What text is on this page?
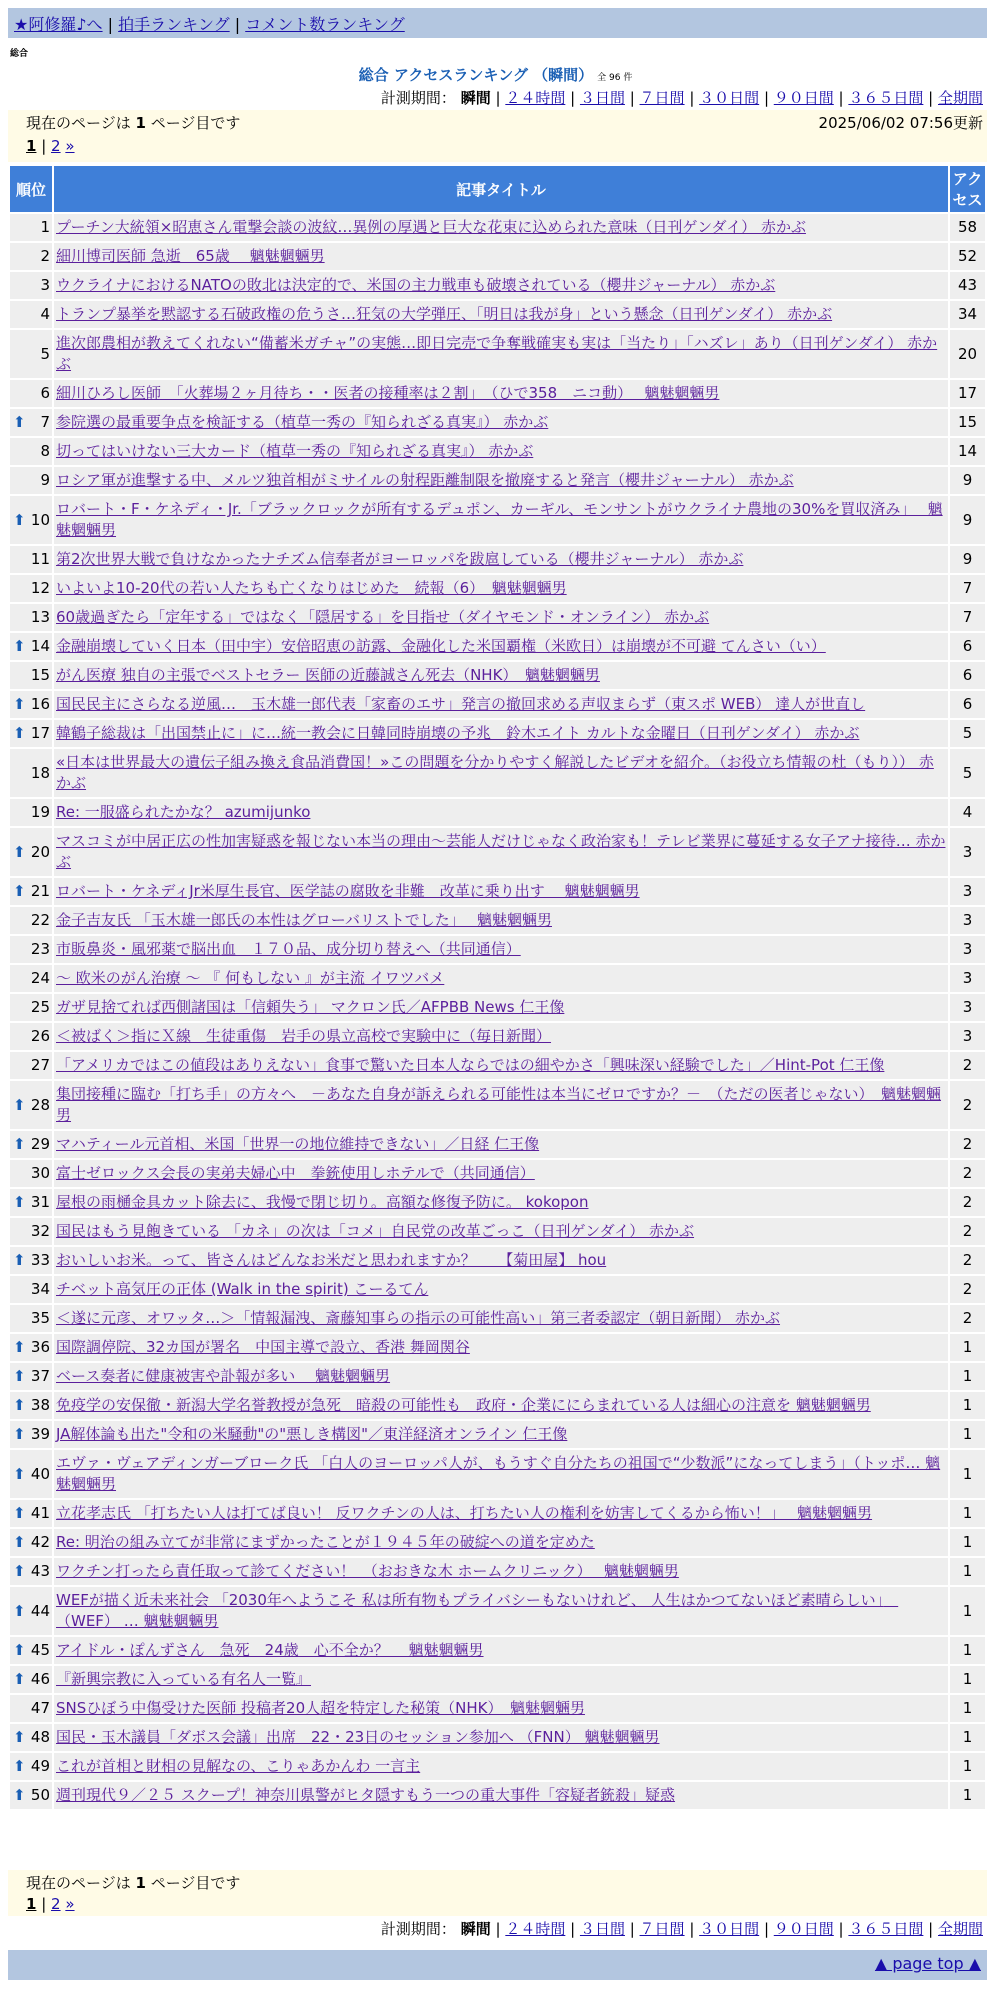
★阿修羅♪へ | 拍手ランキング | コメント数ランキング
総合
総合 アクセスランキング （瞬間） 全 96 件
計測期間： 瞬間 | ２４時間 | ３日間 | ７日間 | ３０日間 | ９０日間 | ３６５日間 | 全期間
現在のページは 1 ページ目です	2025/06/02 07:56更新
1 | 2 »
順位	記事タイトル	アクセス
1	プーチン大統領×昭恵さん電撃会談の波紋…異例の厚遇と巨大な花束に込められた意味（日刊ゲンダイ） 赤かぶ	58
2	細川博司医師 急逝　65歳　 魑魅魍魎男	52
3	ウクライナにおけるNATOの敗北は決定的で、米国の主力戦車も破壊されている（櫻井ジャーナル） 赤かぶ	43
4	トランプ暴挙を黙認する石破政権の危うさ…狂気の大学弾圧、「明日は我が身」という懸念（日刊ゲンダイ） 赤かぶ	34
5	進次郎農相が教えてくれない“備蓄米ガチャ”の実態…即日完売で争奪戦確実も実は「当たり」「ハズレ」あり（日刊ゲンダイ） 赤かぶ	20
6	細川ひろし医師　「火葬場２ヶ月待ち・・医者の接種率は２割」　（ひで358　ニコ動）　 魑魅魍魎男	17

⬆ 7	参院選の最重要争点を検証する（植草一秀の『知られざる真実』） 赤かぶ	15
8	切ってはいけない三大カード（植草一秀の『知られざる真実』） 赤かぶ	14
9	ロシア軍が進撃する中、メルツ独首相がミサイルの射程距離制限を撤廃すると発言（櫻井ジャーナル） 赤かぶ	9

⬆ 10	ロバート・F・ケネディ・Jr.「ブラックロックが所有するデュポン、カーギル、モンサントがウクライナ農地の30%を買収済み」　 魑魅魍魎男	9
11	第2次世界大戦で負けなかったナチズム信奉者がヨーロッパを跋扈している（櫻井ジャーナル） 赤かぶ	9
12	いよいよ10-20代の若い人たちも亡くなりはじめた　続報（6）　魑魅魍魎男	7
13	60歳過ぎたら「定年する」ではなく「隠居する」を目指せ（ダイヤモンド・オンライン） 赤かぶ	7

⬆ 14	金融崩壊していく日本（田中宇）安倍昭恵の訪露、金融化した米国覇権（米欧日）は崩壊が不可避 てんさい（い）	6
15	がん医療 独自の主張でベストセラー 医師の近藤誠さん死去（NHK）　魑魅魍魎男	6

⬆ 16	国民民主にさらなる逆風…　玉木雄一郎代表「家畜のエサ」発言の撤回求める声収まらず（東スポ WEB） 達人が世直し	6

⬆ 17	韓鶴子総裁は「出国禁止に」に…統一教会に日韓同時崩壊の予兆　鈴木エイト カルトな金曜日（日刊ゲンダイ） 赤かぶ	5
18	«日本は世界最大の遺伝子組み換え食品消費国！»この問題を分かりやすく解説したビデオを紹介。（お役立ち情報の杜（もり）） 赤かぶ	5
19	Re: 一服盛られたかな？ azumijunko	4

⬆ 20	マスコミが中居正広の性加害疑惑を報じない本当の理由～芸能人だけじゃなく政治家も！テレビ業界に蔓延する女子アナ接待… 赤かぶ	3

⬆ 21	ロバート・ケネディJr米厚生長官、医学誌の腐敗を非難　改革に乗り出す　 魑魅魍魎男	3
22	金子吉友氏 「玉木雄一郎氏の本性はグローバリストでした」　 魑魅魍魎男	3
23	市販鼻炎・風邪薬で脳出血　１７０品、成分切り替えへ（共同通信）	3
24	～ 欧米のがん治療 ～ 『 何もしない 』が主流 イワツバメ	3
25	ガザ見捨てれば西側諸国は「信頼失う」 マクロン氏／AFPBB News 仁王像	3
26	＜被ばく＞指にＸ線　生徒重傷　岩手の県立高校で実験中に（毎日新聞）	3
27	「アメリカではこの値段はありえない」食事で驚いた日本人ならではの細やかさ「興味深い経験でした」／Hint-Pot 仁王像	2

⬆ 28	集団接種に臨む「打ち手」の方々へ　－あなた自身が訴えられる可能性は本当にゼロですか？－　（ただの医者じゃない）　魑魅魍魎男	2

⬆ 29	マハティール元首相、米国「世界一の地位維持できない」／日経 仁王像	2
30	富士ゼロックス会長の実弟夫婦心中　拳銃使用しホテルで（共同通信）	2

⬆ 31	屋根の雨樋金具カット除去に、我慢で閉じ切り。高額な修復予防に。 kokopon	2
32	国民はもう見飽きている 「カネ」の次は「コメ」自民党の改革ごっこ（日刊ゲンダイ） 赤かぶ	2

⬆ 33	おいしいお米。って、皆さんはどんなお米だと思われますか？　　【菊田屋】 hou	2
34	チベット高気圧の正体 (Walk in the spirit) こーるてん	2
35	＜遂に元彦、オワッタ…＞「情報漏洩、斎藤知事らの指示の可能性高い」第三者委認定（朝日新聞） 赤かぶ	2

⬆ 36	国際調停院、32カ国が署名　中国主導で設立、香港 舞岡関谷	1

⬆ 37	ベース奏者に健康被害や訃報が多い　 魑魅魍魎男	1

⬆ 38	免疫学の安保徹・新潟大学名誉教授が急死　暗殺の可能性も　政府・企業ににらまれている人は細心の注意を 魑魅魍魎男	1

⬆ 39	JA解体論も出た"令和の米騒動"の"悪しき構図"／東洋経済オンライン 仁王像	1

⬆ 40	エヴァ・ヴェアディンガーブローク氏 「白人のヨーロッパ人が、もうすぐ自分たちの祖国で“少数派”になってしまう」（トッポ… 魑魅魍魎男	1

⬆ 41	立花孝志氏 「打ちたい人は打てば良い！ 反ワクチンの人は、打ちたい人の権利を妨害してくるから怖い！」　 魑魅魍魎男	1

⬆ 42	Re: 明治の組み立てが非常にまずかったことが１９４５年の破綻への道を定めた	1

⬆ 43	ワクチン打ったら責任取って診てください！　（おおきな木 ホームクリニック）　 魑魅魍魎男	1

⬆ 44	WEFが描く近未来社会 「2030年へようこそ 私は所有物もプライバシーもないけれど、 人生はかつてないほど素晴らしい」　（WEF） … 魑魅魍魎男	1

⬆ 45	アイドル・ぽんずさん　急死　24歳　心不全か？　 魑魅魍魎男	1

⬆ 46	『新興宗教に入っている有名人一覧』	1
47	SNSひぼう中傷受けた医師 投稿者20人超を特定した秘策（NHK）　魑魅魍魎男	1

⬆ 48	国民・玉木議員「ダボス会議」出席　22・23日のセッション参加へ （FNN） 魑魅魍魎男	1

⬆ 49	これが首相と財相の見解なの、こりゃあかんわ 一言主	1

⬆ 50	週刊現代９／２５ スクープ！神奈川県警がヒタ隠すもう一つの重大事件「容疑者銃殺」疑惑	1
現在のページは 1 ページ目です
1 | 2 »
計測期間： 瞬間 | ２４時間 | ３日間 | ７日間 | ３０日間 | ９０日間 | ３６５日間 | 全期間
▲ page top ▲
